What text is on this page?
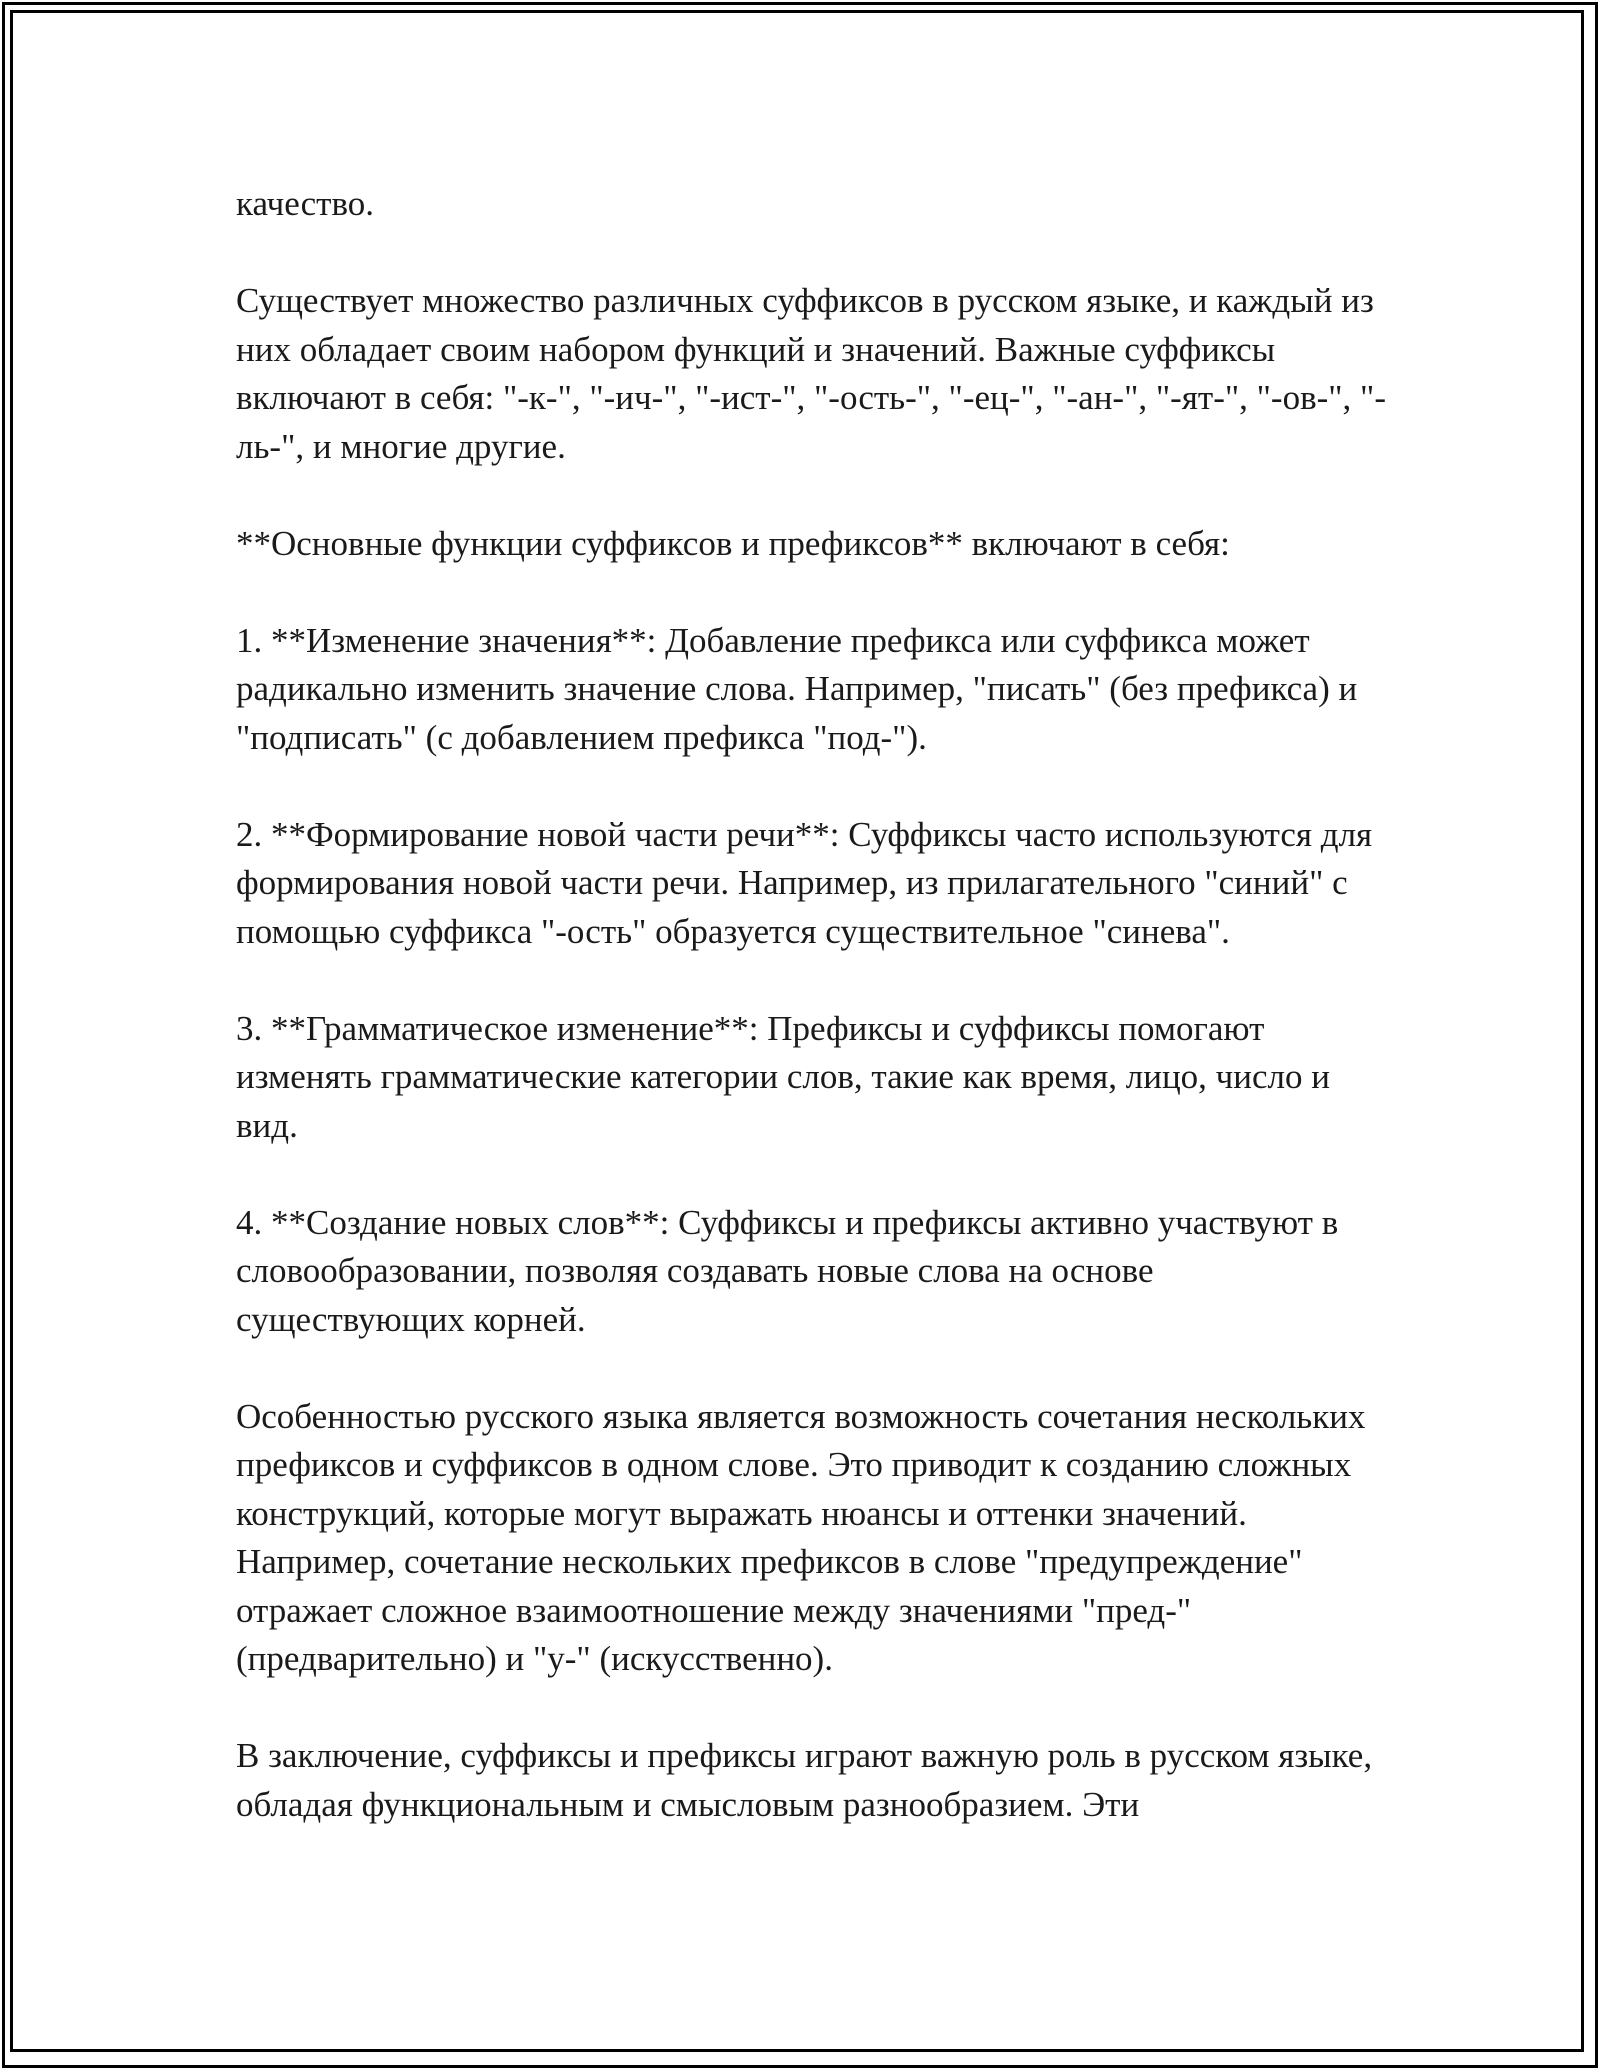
качество.

Существует множество различных суффиксов в русском языке, и каждый из них обладает своим набором функций и значений. Важные суффиксы включают в себя: "-к-", "-ич-", "-ист-", "-ость-", "-ец-", "-ан-", "-ят-", "-ов-", "-ль-", и многие другие.

**Основные функции суффиксов и префиксов** включают в себя:

1. **Изменение значения**: Добавление префикса или суффикса может радикально изменить значение слова. Например, "писать" (без префикса) и "подписать" (с добавлением префикса "под-").

2. **Формирование новой части речи**: Суффиксы часто используются для формирования новой части речи. Например, из прилагательного "синий" с помощью суффикса "-ость" образуется существительное "синева".

3. **Грамматическое изменение**: Префиксы и суффиксы помогают изменять грамматические категории слов, такие как время, лицо, число и вид.

4. **Создание новых слов**: Суффиксы и префиксы активно участвуют в словообразовании, позволяя создавать новые слова на основе существующих корней.

Особенностью русского языка является возможность сочетания нескольких префиксов и суффиксов в одном слове. Это приводит к созданию сложных конструкций, которые могут выражать нюансы и оттенки значений. Например, сочетание нескольких префиксов в слове "предупреждение" отражает сложное взаимоотношение между значениями "пред-" (предварительно) и "у-" (искусственно).

В заключение, суффиксы и префиксы играют важную роль в русском языке, обладая функциональным и смысловым разнообразием. Эти
